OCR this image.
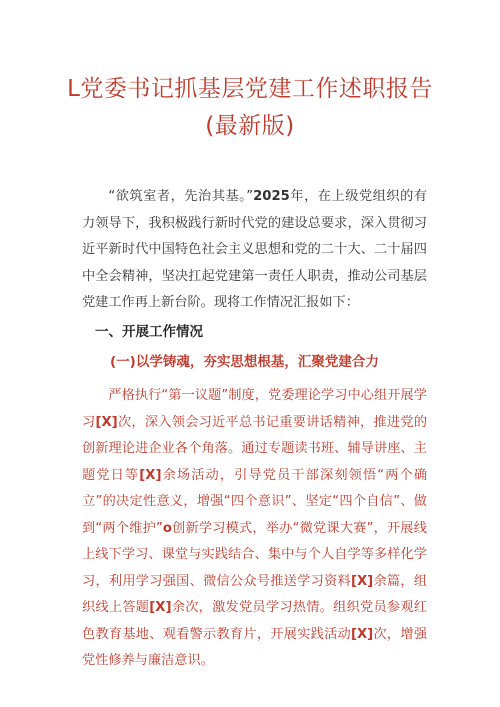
L党委书记抓基层党建工作述职报告
(最新版)

“欲筑室者，先治其基。”2025年，在上级党组织的有力领导下，我积极践行新时代党的建设总要求，深入贯彻习近平新时代中国特色社会主义思想和党的二十大、二十届四中全会精神，坚决扛起党建第一责任人职责，推动公司基层党建工作再上新台阶。现将工作情况汇报如下：

一、开展工作情况
(一)以学铸魂，夯实思想根基，汇聚党建合力

严格执行“第一议题”制度，党委理论学习中心组开展学习[X]次，深入领会习近平总书记重要讲话精神，推进党的创新理论进企业各个角落。通过专题读书班、辅导讲座、主题党日等[X]余场活动，引导党员干部深刻领悟“两个确立”的决定性意义，增强“四个意识”、坚定“四个自信”、做到“两个维护”o创新学习模式，举办“微党课大赛”，开展线上线下学习、课堂与实践结合、集中与个人自学等多样化学习，利用学习强国、微信公众号推送学习资料[X]余篇，组织线上答题[X]余次，激发党员学习热情。组织党员参观红色教育基地、观看警示教育片，开展实践活动[X]次，增强党性修养与廉洁意识。
